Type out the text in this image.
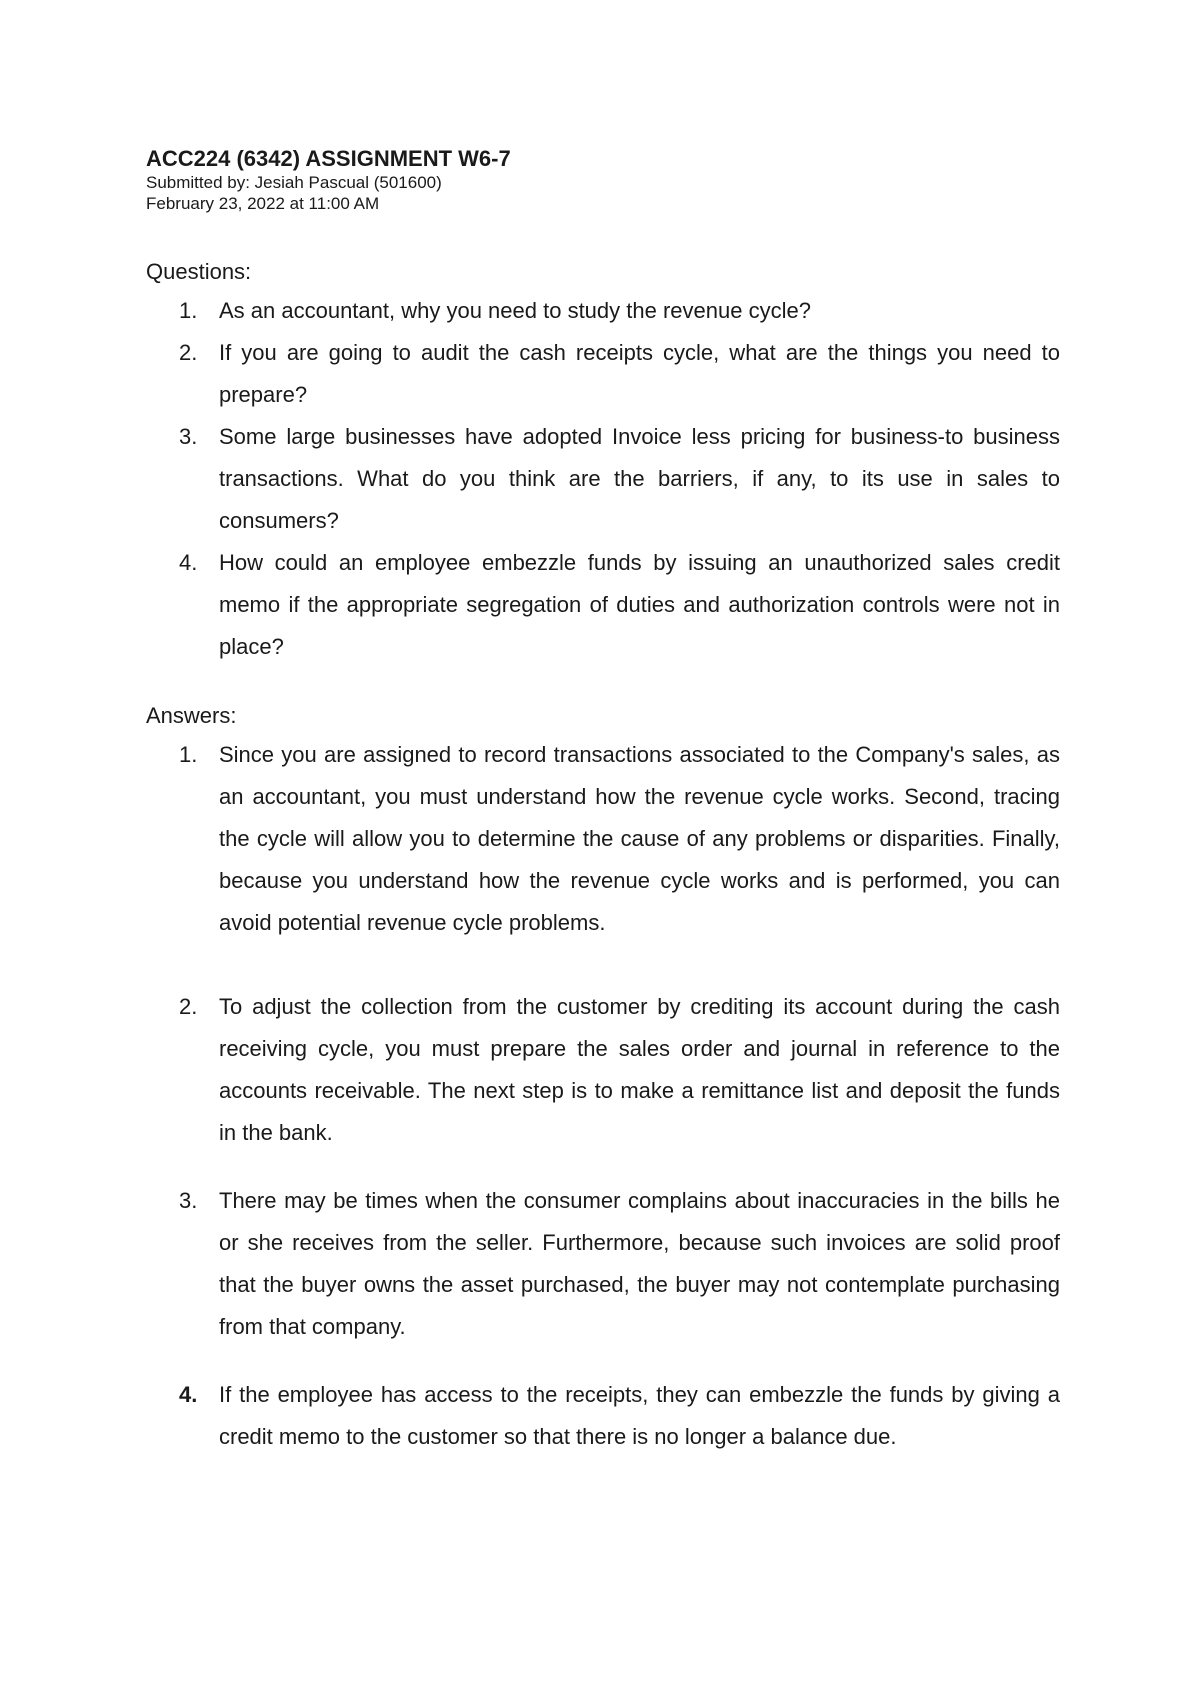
ACC224 (6342) ASSIGNMENT W6-7

Submitted by: Jesiah Pascual (501600)

February 23, 2022 at 11:00 AM

Questions:

1. As an accountant, why you need to study the revenue cycle?
2. If you are going to audit the cash receipts cycle, what are the things you need to prepare?
3. Some large businesses have adopted Invoice less pricing for business-to business transactions. What do you think are the barriers, if any, to its use in sales to consumers?
4. How could an employee embezzle funds by issuing an unauthorized sales credit memo if the appropriate segregation of duties and authorization controls were not in place?

Answers:

1. Since you are assigned to record transactions associated to the Company's sales, as an accountant, you must understand how the revenue cycle works. Second, tracing the cycle will allow you to determine the cause of any problems or disparities. Finally, because you understand how the revenue cycle works and is performed, you can avoid potential revenue cycle problems.
2. To adjust the collection from the customer by crediting its account during the cash receiving cycle, you must prepare the sales order and journal in reference to the accounts receivable. The next step is to make a remittance list and deposit the funds in the bank.
3. There may be times when the consumer complains about inaccuracies in the bills he or she receives from the seller. Furthermore, because such invoices are solid proof that the buyer owns the asset purchased, the buyer may not contemplate purchasing from that company.
4. If the employee has access to the receipts, they can embezzle the funds by giving a credit memo to the customer so that there is no longer a balance due.
